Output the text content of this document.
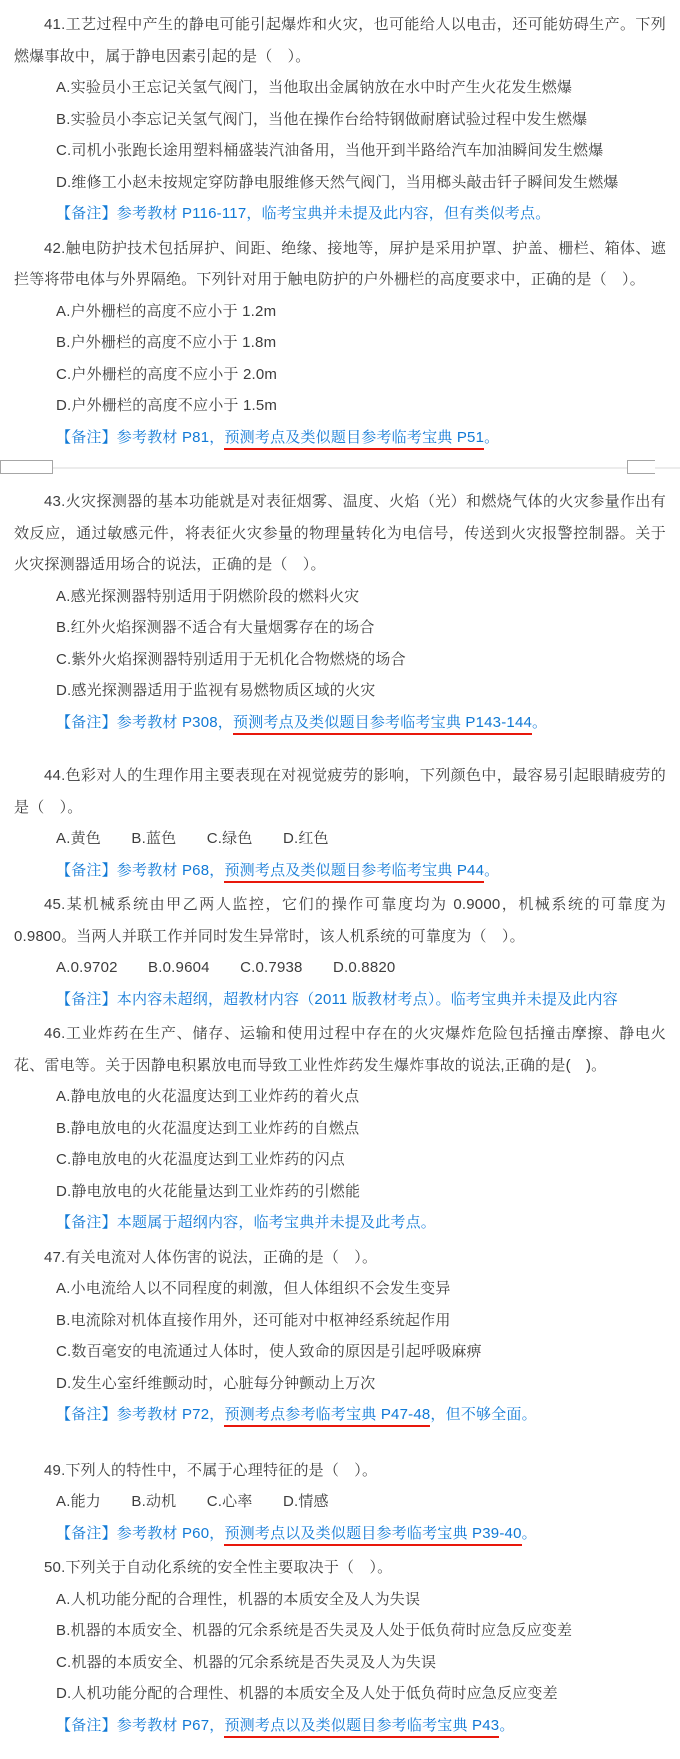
41.工艺过程中产生的静电可能引起爆炸和火灾，也可能给人以电击，还可能妨碍生产。下列燃爆事故中，属于静电因素引起的是（　）。

A.实验员小王忘记关氢气阀门，当他取出金属钠放在水中时产生火花发生燃爆

B.实验员小李忘记关氢气阀门，当他在操作台给特钢做耐磨试验过程中发生燃爆

C.司机小张跑长途用塑料桶盛装汽油备用，当他开到半路给汽车加油瞬间发生燃爆

D.维修工小赵未按规定穿防静电服维修天然气阀门，当用榔头敲击钎子瞬间发生燃爆

【备注】参考教材 P116-117，临考宝典并未提及此内容，但有类似考点。

42.触电防护技术包括屏护、间距、绝缘、接地等，屏护是采用护罩、护盖、栅栏、箱体、遮拦等将带电体与外界隔绝。下列针对用于触电防护的户外栅栏的高度要求中，正确的是（　）。

A.户外栅栏的高度不应小于 1.2m

B.户外栅栏的高度不应小于 1.8m

C.户外栅栏的高度不应小于 2.0m

D.户外栅栏的高度不应小于 1.5m

【备注】参考教材 P81，预测考点及类似题目参考临考宝典 P51。

43.火灾探测器的基本功能就是对表征烟雾、温度、火焰（光）和燃烧气体的火灾参量作出有效反应，通过敏感元件，将表征火灾参量的物理量转化为电信号，传送到火灾报警控制器。关于火灾探测器适用场合的说法，正确的是（　）。

A.感光探测器特别适用于阴燃阶段的燃料火灾

B.红外火焰探测器不适合有大量烟雾存在的场合

C.紫外火焰探测器特别适用于无机化合物燃烧的场合

D.感光探测器适用于监视有易燃物质区域的火灾

【备注】参考教材 P308，预测考点及类似题目参考临考宝典 P143-144。

44.色彩对人的生理作用主要表现在对视觉疲劳的影响，下列颜色中，最容易引起眼睛疲劳的是（　）。

A.黄色　　B.蓝色　　C.绿色　　D.红色

【备注】参考教材 P68，预测考点及类似题目参考临考宝典 P44。

45.某机械系统由甲乙两人监控，它们的操作可靠度均为 0.9000，机械系统的可靠度为 0.9800。当两人并联工作并同时发生异常时，该人机系统的可靠度为（　）。

A.0.9702　　B.0.9604　　C.0.7938　　D.0.8820

【备注】本内容未超纲，超教材内容（2011 版教材考点）。临考宝典并未提及此内容

46.工业炸药在生产、储存、运输和使用过程中存在的火灾爆炸危险包括撞击摩擦、静电火花、雷电等。关于因静电积累放电而导致工业性炸药发生爆炸事故的说法,正确的是(　)。

A.静电放电的火花温度达到工业炸药的着火点

B.静电放电的火花温度达到工业炸药的自燃点

C.静电放电的火花温度达到工业炸药的闪点

D.静电放电的火花能量达到工业炸药的引燃能

【备注】本题属于超纲内容，临考宝典并未提及此考点。

47.有关电流对人体伤害的说法，正确的是（　）。

A.小电流给人以不同程度的刺激，但人体组织不会发生变异

B.电流除对机体直接作用外，还可能对中枢神经系统起作用

C.数百毫安的电流通过人体时，使人致命的原因是引起呼吸麻痹

D.发生心室纤维颤动时，心脏每分钟颤动上万次

【备注】参考教材 P72，预测考点参考临考宝典 P47-48，但不够全面。

49.下列人的特性中，不属于心理特征的是（　）。

A.能力　　B.动机　　C.心率　　D.情感

【备注】参考教材 P60，预测考点以及类似题目参考临考宝典 P39-40。

50.下列关于自动化系统的安全性主要取决于（　）。

A.人机功能分配的合理性，机器的本质安全及人为失误

B.机器的本质安全、机器的冗余系统是否失灵及人处于低负荷时应急反应变差

C.机器的本质安全、机器的冗余系统是否失灵及人为失误

D.人机功能分配的合理性、机器的本质安全及人处于低负荷时应急反应变差

【备注】参考教材 P67，预测考点以及类似题目参考临考宝典 P43。
